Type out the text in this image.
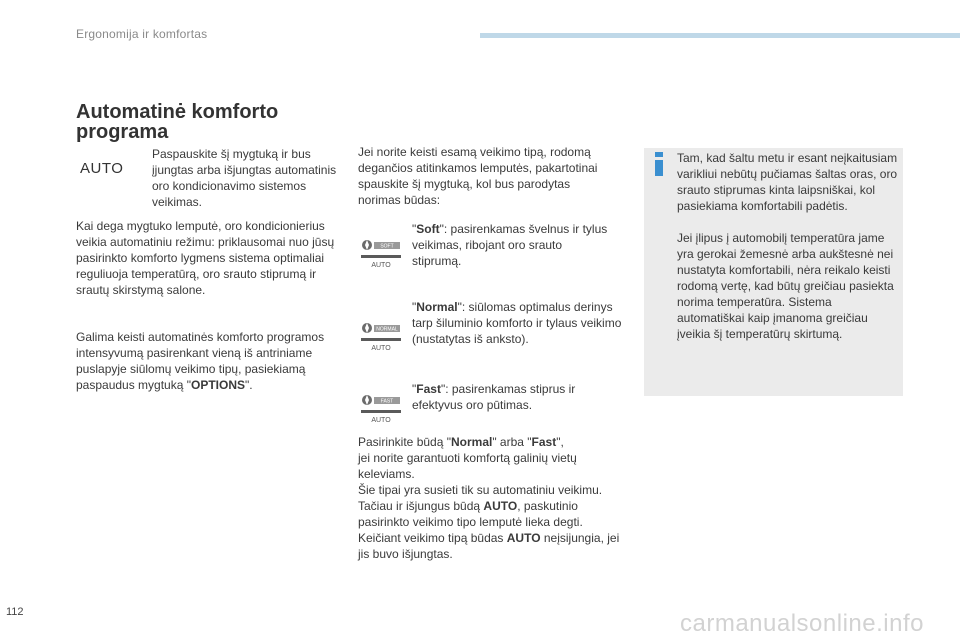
Ergonomija ir komfortas
Automatinė komforto programa
AUTO
Paspauskite šį mygtuką ir bus įjungtas arba išjungtas automatinis oro kondicionavimo sistemos veikimas.
Kai dega mygtuko lemputė, oro kondicionierius veikia automatiniu režimu: priklausomai nuo jūsų pasirinkto komforto lygmens sistema optimaliai reguliuoja temperatūrą, oro srauto stiprumą ir srautų skirstymą salone.
Galima keisti automatinės komforto programos intensyvumą pasirenkant vieną iš antriniame puslapyje siūlomų veikimo tipų, pasiekiamą paspaudus mygtuką "OPTIONS".
Jei norite keisti esamą veikimo tipą, rodomą degančios atitinkamos lemputės, pakartotinai spauskite šį mygtuką, kol bus parodytas norimas būdas:
SOFT
AUTO
"Soft": pasirenkamas švelnus ir tylus veikimas, ribojant oro srauto stiprumą.
NORMAL
AUTO
"Normal": siūlomas optimalus derinys tarp šiluminio komforto ir tylaus veikimo (nustatytas iš anksto).
FAST
AUTO
"Fast": pasirenkamas stiprus ir efektyvus oro pūtimas.
Pasirinkite būdą "Normal" arba "Fast",
jei norite garantuoti komfortą galinių vietų keleviams.
Šie tipai yra susieti tik su automatiniu veikimu.
Tačiau ir išjungus būdą AUTO, paskutinio pasirinkto veikimo tipo lemputė lieka degti.
Keičiant veikimo tipą būdas AUTO neįsijungia, jei jis buvo išjungtas.
Tam, kad šaltu metu ir esant neįkaitusiam varikliui nebūtų pučiamas šaltas oras, oro srauto stiprumas kinta laipsniškai, kol pasiekiama komfortabili padėtis.
Jei įlipus į automobilį temperatūra jame yra gerokai žemesnė arba aukštesnė nei nustatyta komfortabili, nėra reikalo keisti rodomą vertę, kad būtų greičiau pasiekta norima temperatūra. Sistema automatiškai kaip įmanoma greičiau įveikia šį temperatūrų skirtumą.
112	carmanualsonline.info
